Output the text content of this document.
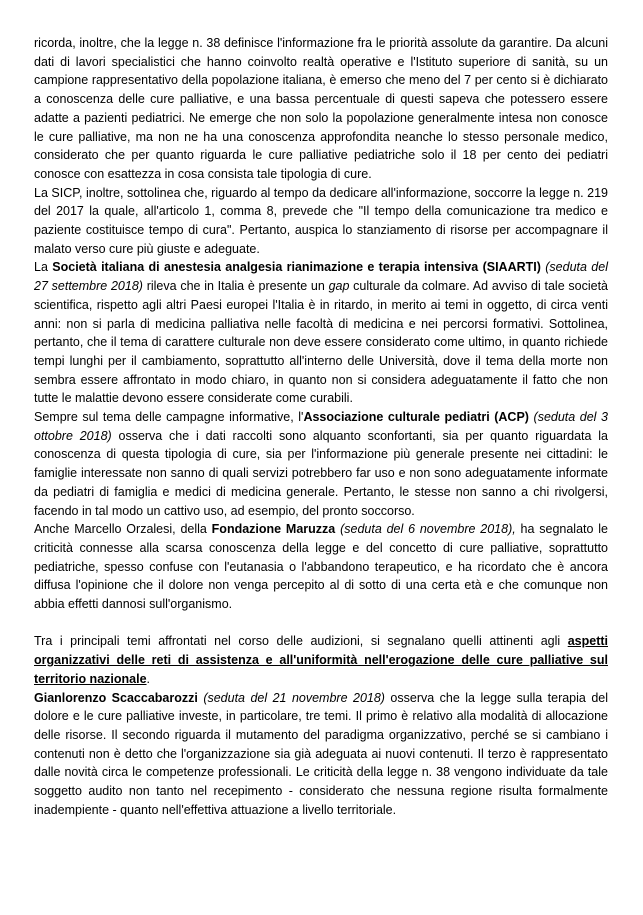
ricorda, inoltre, che la legge n. 38 definisce l'informazione fra le priorità assolute da garantire. Da alcuni dati di lavori specialistici che hanno coinvolto realtà operative e l'Istituto superiore di sanità, su un campione rappresentativo della popolazione italiana, è emerso che meno del 7 per cento si è dichiarato a conoscenza delle cure palliative, e una bassa percentuale di questi sapeva che potessero essere adatte a pazienti pediatrici. Ne emerge che non solo la popolazione generalmente intesa non conosce le cure palliative, ma non ne ha una conoscenza approfondita neanche lo stesso personale medico, considerato che per quanto riguarda le cure palliative pediatriche solo il 18 per cento dei pediatri conosce con esattezza in cosa consista tale tipologia di cure.

La SICP, inoltre, sottolinea che, riguardo al tempo da dedicare all'informazione, soccorre la legge n. 219 del 2017 la quale, all'articolo 1, comma 8, prevede che "Il tempo della comunicazione tra medico e paziente costituisce tempo di cura". Pertanto, auspica lo stanziamento di risorse per accompagnare il malato verso cure più giuste e adeguate.

La Società italiana di anestesia analgesia rianimazione e terapia intensiva (SIAARTI) (seduta del 27 settembre 2018) rileva che in Italia è presente un gap culturale da colmare. Ad avviso di tale società scientifica, rispetto agli altri Paesi europei l'Italia è in ritardo, in merito ai temi in oggetto, di circa venti anni: non si parla di medicina palliativa nelle facoltà di medicina e nei percorsi formativi. Sottolinea, pertanto, che il tema di carattere culturale non deve essere considerato come ultimo, in quanto richiede tempi lunghi per il cambiamento, soprattutto all'interno delle Università, dove il tema della morte non sembra essere affrontato in modo chiaro, in quanto non si considera adeguatamente il fatto che non tutte le malattie devono essere considerate come curabili.

Sempre sul tema delle campagne informative, l'Associazione culturale pediatri (ACP) (seduta del 3 ottobre 2018) osserva che i dati raccolti sono alquanto sconfortanti, sia per quanto riguardata la conoscenza di questa tipologia di cure, sia per l'informazione più generale presente nei cittadini: le famiglie interessate non sanno di quali servizi potrebbero far uso e non sono adeguatamente informate da pediatri di famiglia e medici di medicina generale. Pertanto, le stesse non sanno a chi rivolgersi, facendo in tal modo un cattivo uso, ad esempio, del pronto soccorso.

Anche Marcello Orzalesi, della Fondazione Maruzza (seduta del 6 novembre 2018), ha segnalato le criticità connesse alla scarsa conoscenza della legge e del concetto di cure palliative, soprattutto pediatriche, spesso confuse con l'eutanasia o l'abbandono terapeutico, e ha ricordato che è ancora diffusa l'opinione che il dolore non venga percepito al di sotto di una certa età e che comunque non abbia effetti dannosi sull'organismo.

Tra i principali temi affrontati nel corso delle audizioni, si segnalano quelli attinenti agli aspetti organizzativi delle reti di assistenza e all'uniformità nell'erogazione delle cure palliative sul territorio nazionale.

Gianlorenzo Scaccabarozzi (seduta del 21 novembre 2018) osserva che la legge sulla terapia del dolore e le cure palliative investe, in particolare, tre temi. Il primo è relativo alla modalità di allocazione delle risorse. Il secondo riguarda il mutamento del paradigma organizzativo, perché se si cambiano i contenuti non è detto che l'organizzazione sia già adeguata ai nuovi contenuti. Il terzo è rappresentato dalle novità circa le competenze professionali. Le criticità della legge n. 38 vengono individuate da tale soggetto audito non tanto nel recepimento - considerato che nessuna regione risulta formalmente inadempiente - quanto nell'effettiva attuazione a livello territoriale.
